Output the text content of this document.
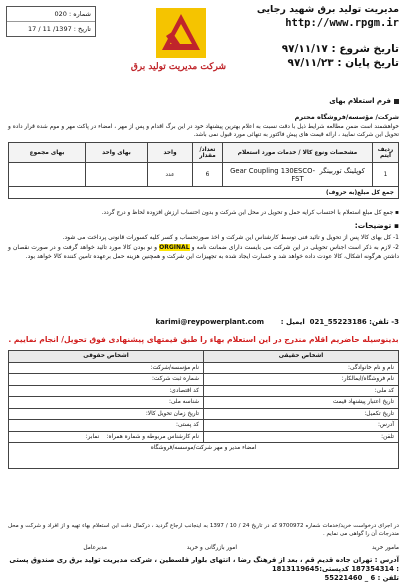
مدیریت تولید برق شهید رجایی
http://www.rpgm.ir
تاریخ شروع : ۹۷/۱۱/۱۷
تاریخ پایان : ۹۷/۱۱/۲۳
شرکت مدیریت تولید برق
شماره : 020
تاریخ : 1397/ 11 / 17
فرم استعلام بهای
شرکت/ مؤسسه/فروشگاه محترم
خواهشمند است ضمن مطالعه شرایط ذیل با دقت نسبت به اعلام بهترین پیشنهاد خود در این برگ اقدام و پس از مهر ، امضاء در پاکت مهر و موم شده قرار داده و تحویل این شرکت نمایید ، ارائه قیمت های پیش فاکتور به تنهائی مورد قبول نمی باشد.
ردیف آیتم	مشخصات ونوع کالا / خدمات مورد استعلام	تعداد/ مقدار	واحد	بهای واحد	بهای مجموع
1	کوپلینگ توربینگر  Gear Coupling 130ESCO-FST	6	عدد		
جمع کل مبلغ(به حروف)					
▪ جمع کل مبلغ استعلام با احتساب کرایه حمل و تحویل در محل این شرکت و بدون احتساب ارزش افزوده لحاظ و درج گردد.
▪ توضیحات:
1- کل بهای کالا پس از تحویل و تائید فنی توسط کارشناس این شرکت و اخذ صورتحساب و کسر کلیه کسورات قانونی پرداخت می شود.
2- لازم به ذکر است اجناس تحویلی در این شرکت می بایست دارای ضمانت نامه و ORGINAL و نو بودن کالا مورد تائید خواهد گرفت و در صورت نقصان و داشتن هرگونه اشکال، کالا عودت داده خواهد شد و خسارت ایجاد شده به تجهیزات این شرکت و همچنین هزینه حمل برعهده تامین کننده کالا خواهد بود.
3- تلفن: 021_55223186  ایمیل :
karimi@reypowerplant.com
بدینوسیله حاضریم اقلام مندرج در این استعلام بهاء را طبق قیمتهای پیشنهادی فوق تحویل/ انجام نماییم .
اشخاص حقیقی	اشخاص حقوقی
نام و نام خانوادگی:	نام مؤسسه/شرکت:
نام فروشگاه/ایمالکار:	شماره ثبت شرکت:
کد ملی:	کد اقتصادی:
تاریخ اعتبار پیشنهاد قیمت	شناسه ملی:
تاریخ تکمیل:	تاریخ زمان تحویل کالا:
آدرس:	کد پستی:
تلفن:	نام کارشناس مربوطه و شماره همراه:    نمابر:
امضاء مدیر و مهر شرکت/موسسه/فروشگاه	
در اجرای درخواست خرید/خدمات شماره 9700972 که در تاریخ 24 / 10 / 1397 به اینجانب ارجاع گردید ، درکمال دقت این استعلام بهاء تهیه و از افراد و شرکت و محل مندرجات آن را گواهی می نمایم .
مامور خرید
امور بازرگانی و خرید
مدیرعامل
آدرس : تهران جاده قدیم قم ، بعد از فرهنگ رضا ، انتهای بلوار فلسطین ، شرکت مدیریت تولید برق ری صندوق پستی : 187354314 کدپستی:1813119645
تلفن : 6 _ 55221460
